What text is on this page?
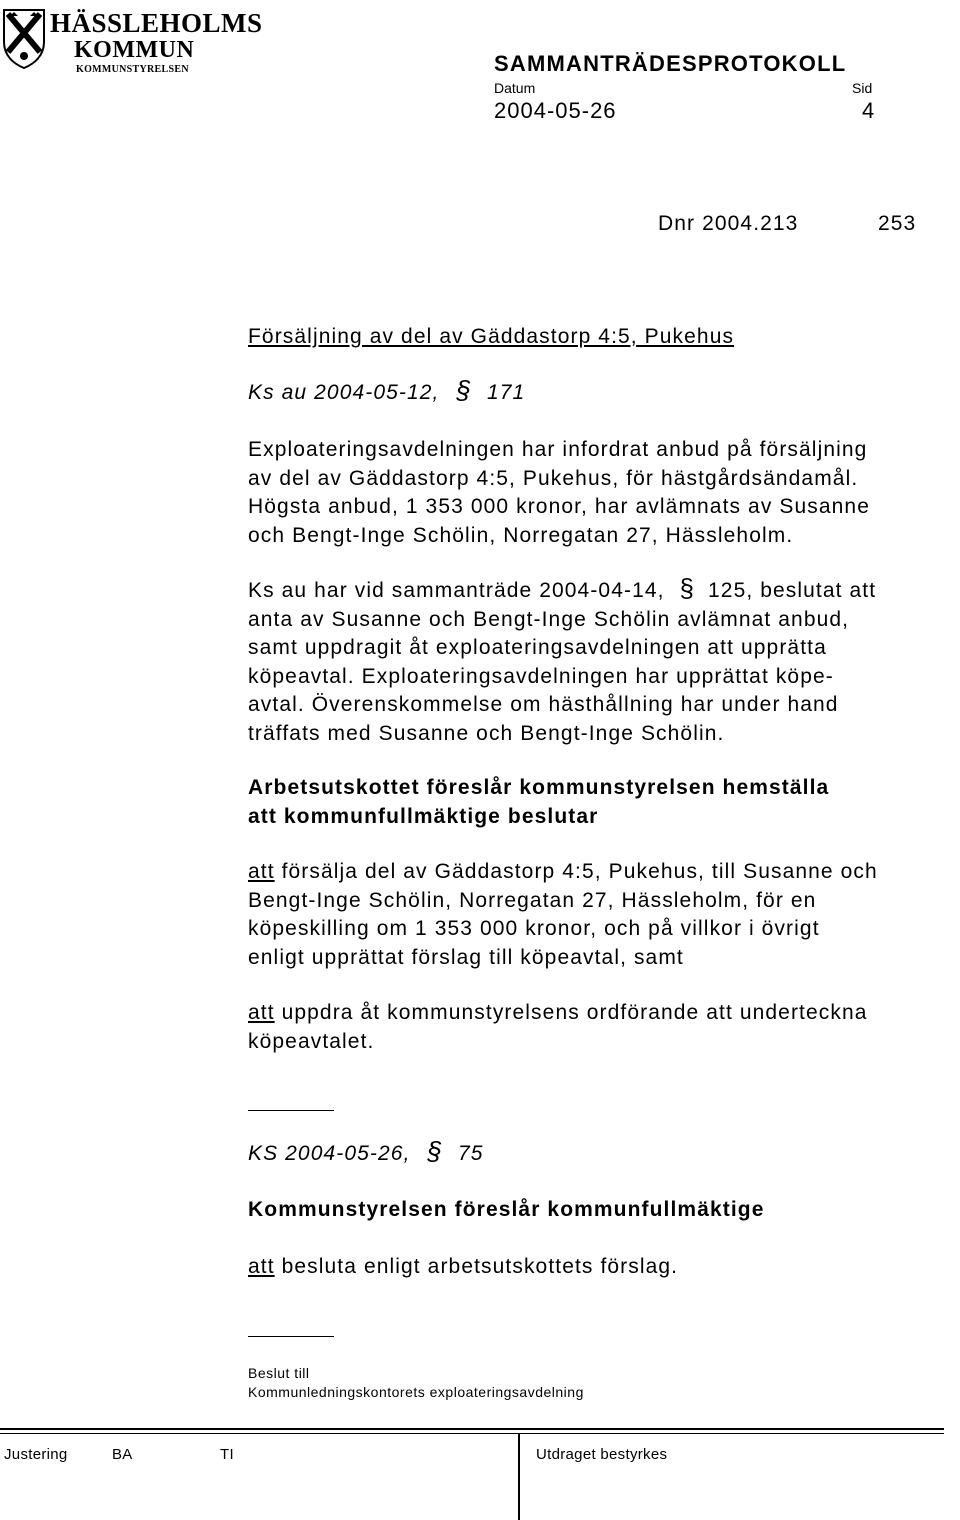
HÄSSLEHOLMS
KOMMUN
KOMMUNSTYRELSEN	SAMMANTRÄDESPROTOKOLL
Datum	Sid
2004-05-26	4
Dnr 2004.213	253
Försäljning av del av Gäddastorp 4:5, Pukehus
Ks au 2004-05-12, § 171
Exploateringsavdelningen har infordrat anbud på försäljning
av del av Gäddastorp 4:5, Pukehus, för hästgårdsändamål.
Högsta anbud, 1 353 000 kronor, har avlämnats av Susanne
och Bengt-Inge Schölin, Norregatan 27, Hässleholm.
Ks au har vid sammanträde 2004-04-14, § 125, beslutat att
anta av Susanne och Bengt-Inge Schölin avlämnat anbud,
samt uppdragit åt exploateringsavdelningen att upprätta
köpeavtal. Exploateringsavdelningen har upprättat köpe-
avtal. Överenskommelse om hästhållning har under hand
träffats med Susanne och Bengt-Inge Schölin.
Arbetsutskottet föreslår kommunstyrelsen hemställa
att kommunfullmäktige beslutar
att försälja del av Gäddastorp 4:5, Pukehus, till Susanne och
Bengt-Inge Schölin, Norregatan 27, Hässleholm, för en
köpeskilling om 1 353 000 kronor, och på villkor i övrigt
enligt upprättat förslag till köpeavtal, samt
att uppdra åt kommunstyrelsens ordförande att underteckna
köpeavtalet.
KS 2004-05-26, § 75
Kommunstyrelsen föreslår kommunfullmäktige
att besluta enligt arbetsutskottets förslag.
Beslut till
Kommunledningskontorets exploateringsavdelning
Justering	BA	TI	Utdraget bestyrkes
